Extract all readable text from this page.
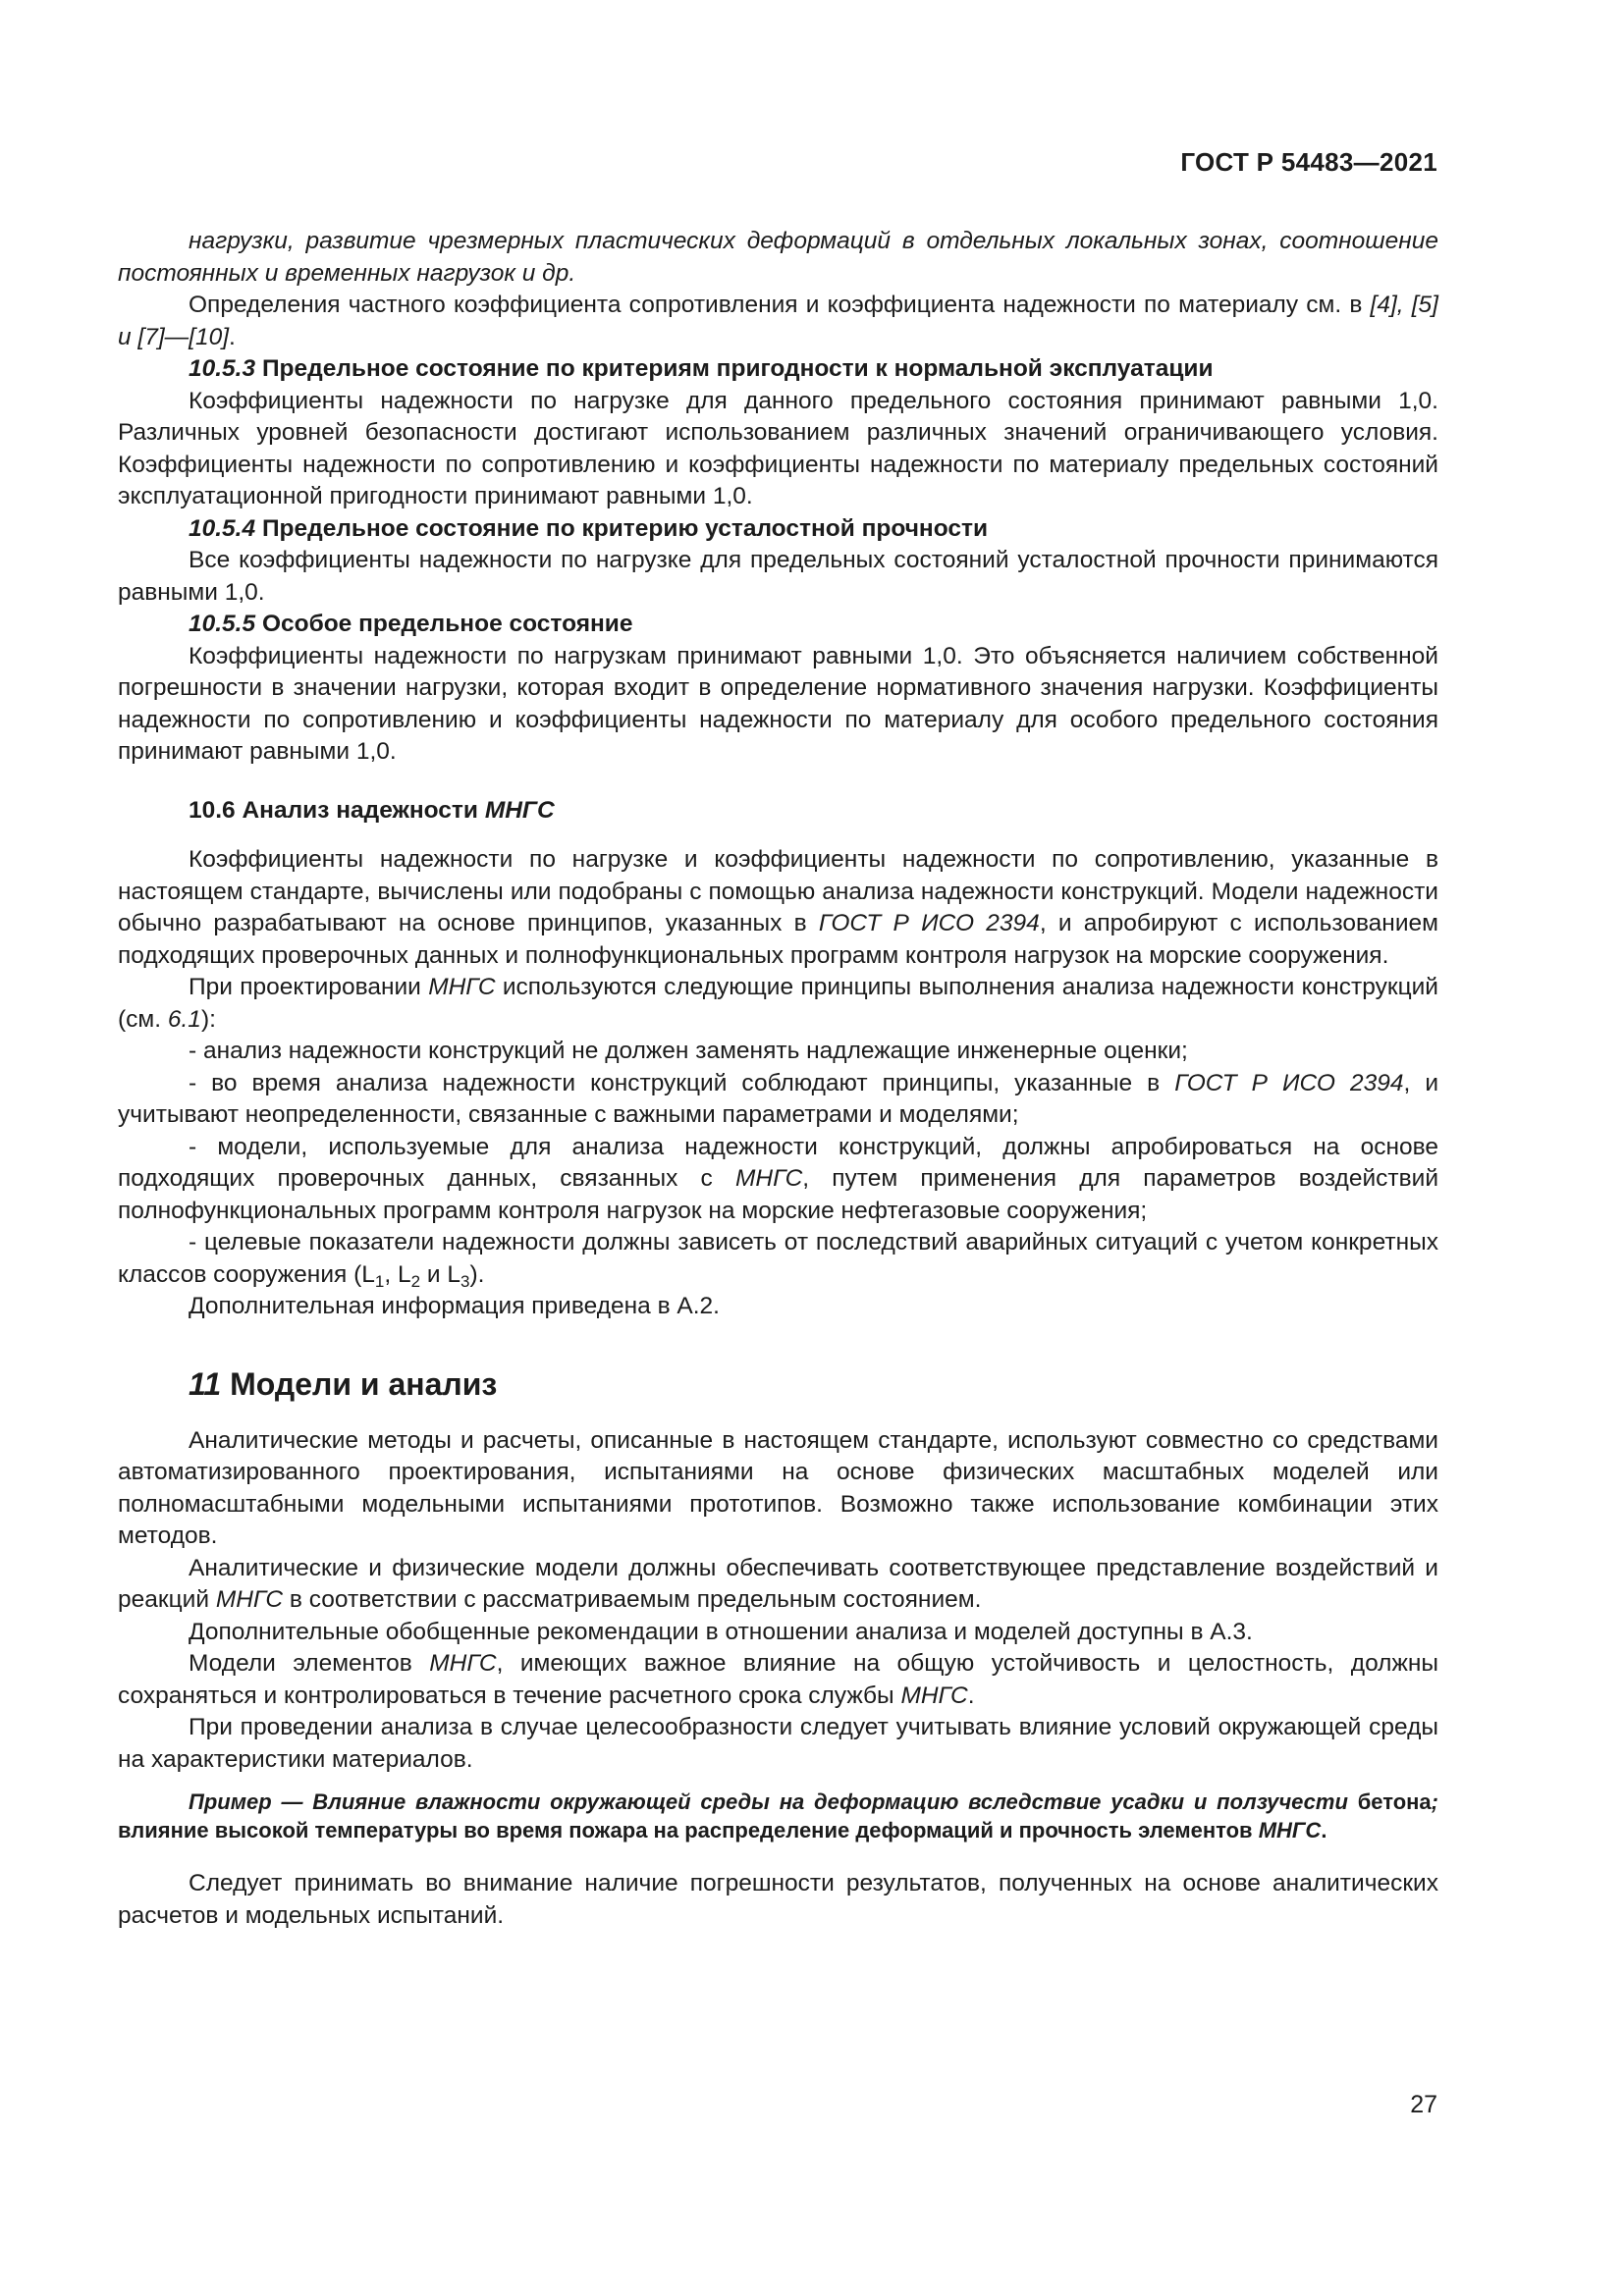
ГОСТ Р 54483—2021

нагрузки, развитие чрезмерных пластических деформаций в отдельных локальных зонах, соотношение постоянных и временных нагрузок и др.

Определения частного коэффициента сопротивления и коэффициента надежности по материалу см. в [4], [5] и [7]—[10].

10.5.3 Предельное состояние по критериям пригодности к нормальной эксплуатации

Коэффициенты надежности по нагрузке для данного предельного состояния принимают равными 1,0. Различных уровней безопасности достигают использованием различных значений ограничивающего условия. Коэффициенты надежности по сопротивлению и коэффициенты надежности по материалу предельных состояний эксплуатационной пригодности принимают равными 1,0.

10.5.4 Предельное состояние по критерию усталостной прочности

Все коэффициенты надежности по нагрузке для предельных состояний усталостной прочности принимаются равными 1,0.

10.5.5 Особое предельное состояние

Коэффициенты надежности по нагрузкам принимают равными 1,0. Это объясняется наличием собственной погрешности в значении нагрузки, которая входит в определение нормативного значения нагрузки. Коэффициенты надежности по сопротивлению и коэффициенты надежности по материалу для особого предельного состояния принимают равными 1,0.

10.6 Анализ надежности МНГС

Коэффициенты надежности по нагрузке и коэффициенты надежности по сопротивлению, указанные в настоящем стандарте, вычислены или подобраны с помощью анализа надежности конструкций. Модели надежности обычно разрабатывают на основе принципов, указанных в ГОСТ Р ИСО 2394, и апробируют с использованием подходящих проверочных данных и полнофункциональных программ контроля нагрузок на морские сооружения.

При проектировании МНГС используются следующие принципы выполнения анализа надежности конструкций (см. 6.1):

- анализ надежности конструкций не должен заменять надлежащие инженерные оценки;

- во время анализа надежности конструкций соблюдают принципы, указанные в ГОСТ Р ИСО 2394, и учитывают неопределенности, связанные с важными параметрами и моделями;

- модели, используемые для анализа надежности конструкций, должны апробироваться на основе подходящих проверочных данных, связанных с МНГС, путем применения для параметров воздействий полнофункциональных программ контроля нагрузок на морские нефтегазовые сооружения;

- целевые показатели надежности должны зависеть от последствий аварийных ситуаций с учетом конкретных классов сооружения ($L_1$, $L_2$ и $L_3$).

Дополнительная информация приведена в А.2.

11 Модели и анализ

Аналитические методы и расчеты, описанные в настоящем стандарте, используют совместно со средствами автоматизированного проектирования, испытаниями на основе физических масштабных моделей или полномасштабными модельными испытаниями прототипов. Возможно также использование комбинации этих методов.

Аналитические и физические модели должны обеспечивать соответствующее представление воздействий и реакций МНГС в соответствии с рассматриваемым предельным состоянием.

Дополнительные обобщенные рекомендации в отношении анализа и моделей доступны в А.3.

Модели элементов МНГС, имеющих важное влияние на общую устойчивость и целостность, должны сохраняться и контролироваться в течение расчетного срока службы МНГС.

При проведении анализа в случае целесообразности следует учитывать влияние условий окружающей среды на характеристики материалов.

Пример — Влияние влажности окружающей среды на деформацию вследствие усадки и ползучести бетона; влияние высокой температуры во время пожара на распределение деформаций и прочность элементов МНГС.

Следует принимать во внимание наличие погрешности результатов, полученных на основе аналитических расчетов и модельных испытаний.

27
